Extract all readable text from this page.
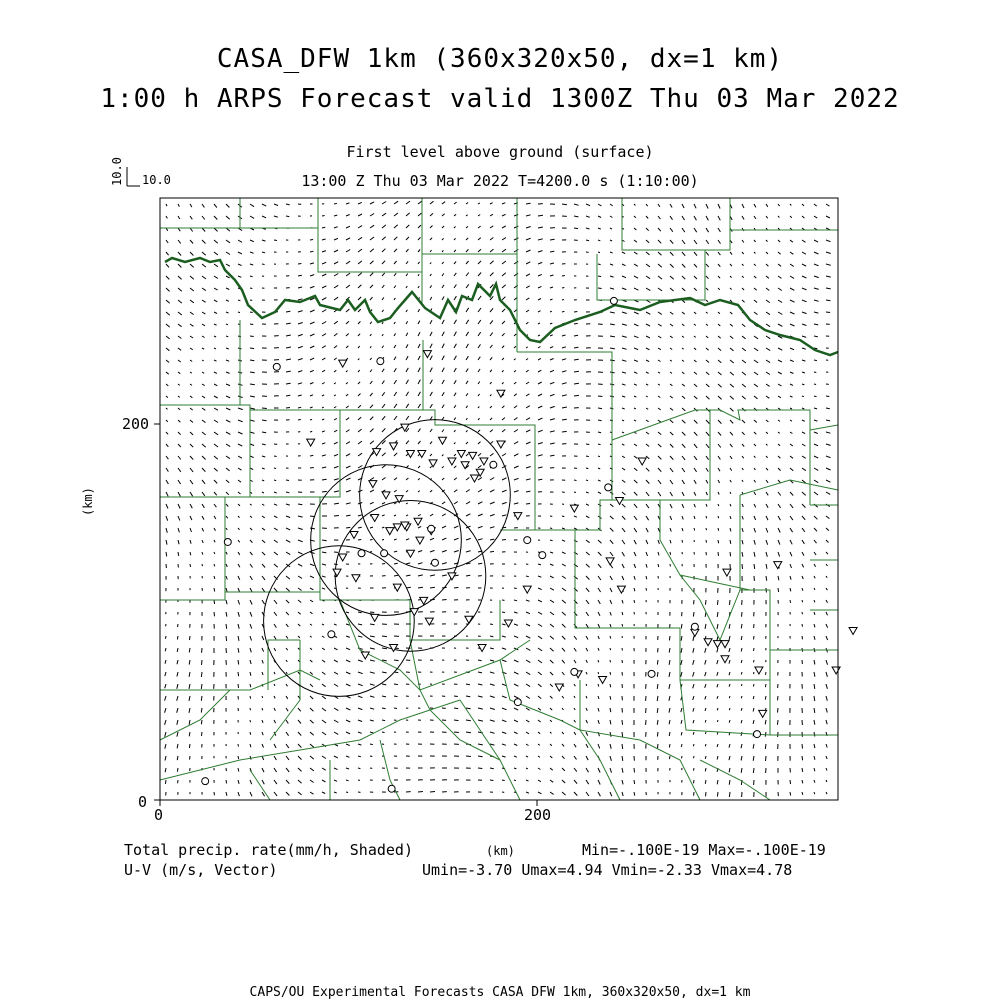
CASA_DFW 1km (360x320x50, dx=1 km)
1:00 h ARPS Forecast valid 1300Z Thu 03 Mar 2022
First level above ground (surface)
13:00 Z Thu 03 Mar 2022 T=4200.0 s (1:10:00)
10.0 10.0
(km)
200
0
0	200
(km)
Total precip. rate(mm/h, Shaded)	Min=-.100E-19 Max=-.100E-19
U-V (m/s, Vector)	Umin=-3.70 Umax=4.94 Vmin=-2.33 Vmax=4.78
CAPS/OU Experimental Forecasts CASA DFW 1km, 360x320x50, dx=1 km
